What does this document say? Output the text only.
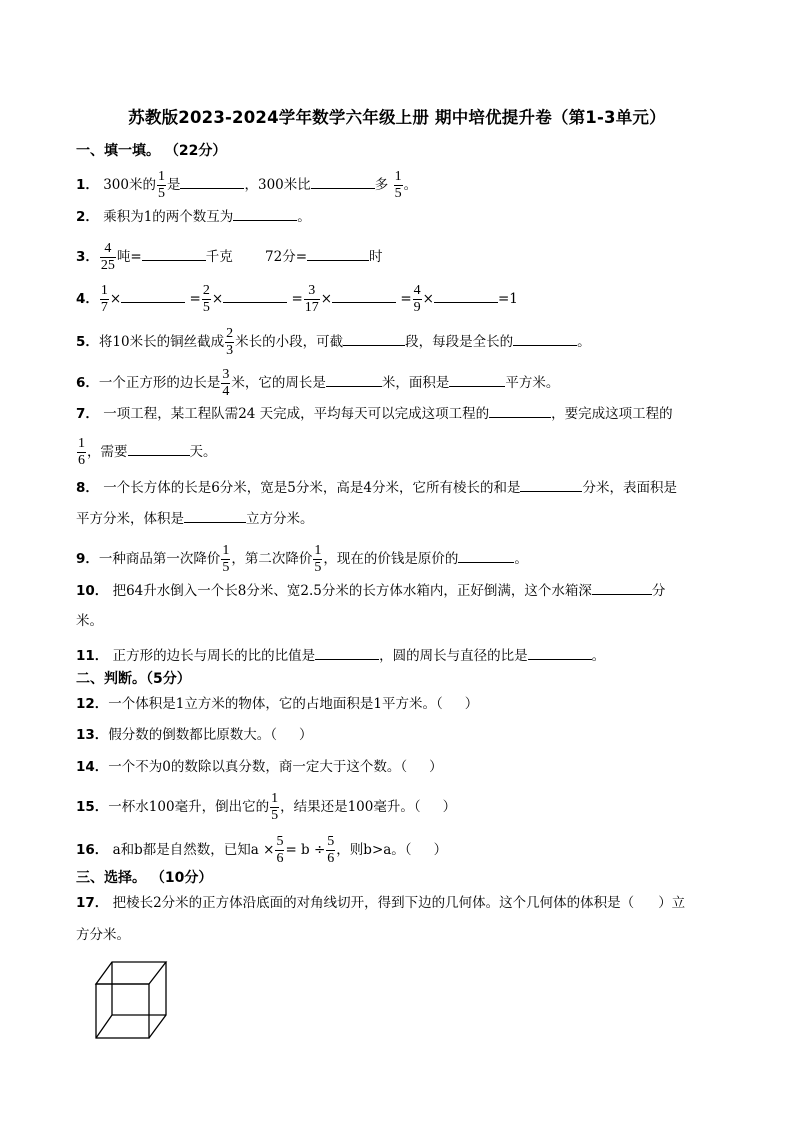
苏教版2023-2024学年数学六年级上册 期中培优提升卷（第1-3单元）
一、填一填。 （22分）
1． 300米的 $\frac{1}{5}$ 是	，300米比	多 $\frac{1}{5}$ 。
2． 乘积为1的两个数互为	。
3． $\frac{4}{25}$ 吨=	千克 72分=	时
4． $\frac{1}{7}$ ×	= $\frac{2}{5}$ ×	= $\frac{3}{17}$ ×	= $\frac{4}{9}$ ×	=1
5．将10米长的铜丝截成 $\frac{2}{3}$ 米长的小段，可截	段，每段是全长的	。
6．一个正方形的边长是 $\frac{3}{4}$ 米，它的周长是	米，面积是	平方米。
7． 一项工程，某工程队需24 天完成，平均每天可以完成这项工程的	，要完成这项工程的
$\frac{1}{6}$ ，需要	天。
8． 一个长方体的长是6分米，宽是5分米，高是4分米，它所有棱长的和是	分米，表面积是
平方分米，体积是	立方分米。
9．一种商品第一次降价 $\frac{1}{5}$ ，第二次降价 $\frac{1}{5}$ ，现在的价钱是原价的	。
10． 把64升水倒入一个长8分米、宽2.5分米的长方体水箱内，正好倒满，这个水箱深	分
米。
11． 正方形的边长与周长的比的比值是	，圆的周长与直径的比是	。
二、判断。（5分）
12．一个体积是1立方米的物体，它的占地面积是1平方米。（ ）
13．假分数的倒数都比原数大。（ ）
14．一个不为0的数除以真分数，商一定大于这个数。（ ）
15．一杯水100毫升，倒出它的 $\frac{1}{5}$ ，结果还是100毫升。（ ）
16． a和b都是自然数，已知$a \times \frac{5}{6} = b \div \frac{5}{6}$ ，则b>a。（ ）
三、选择。 （10分）
17． 把棱长2分米的正方体沿底面的对角线切开，得到下边的几何体。这个几何体的体积是（ ）立
方分米。
